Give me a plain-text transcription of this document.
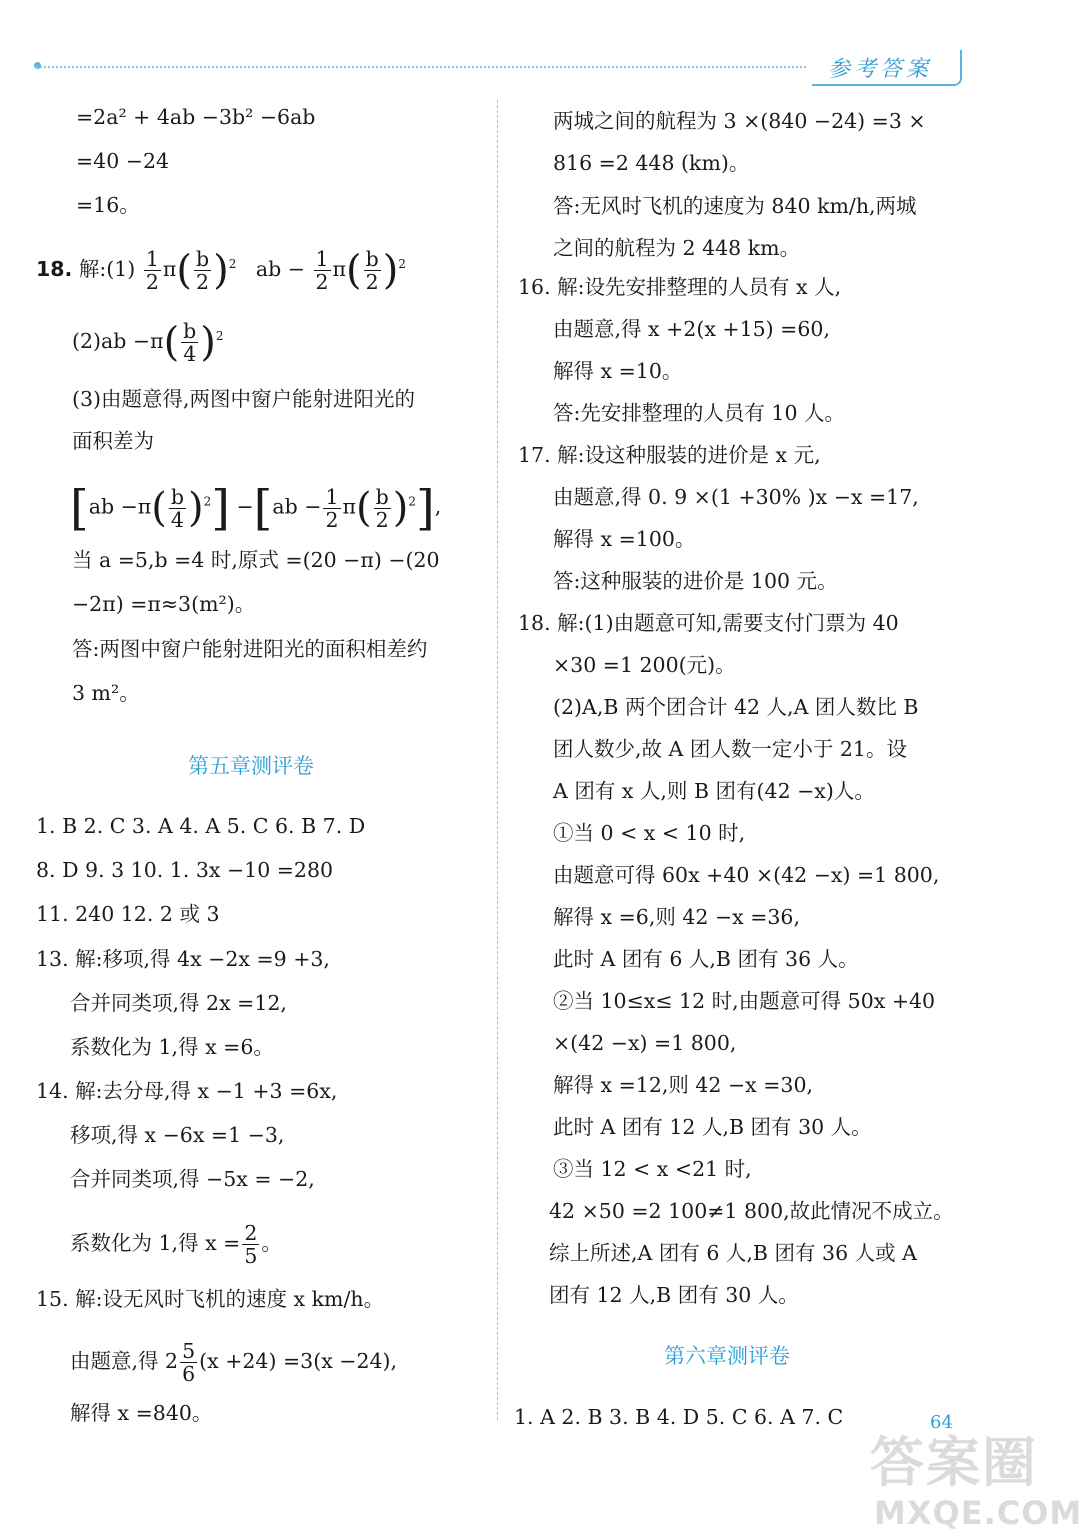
参考答案
=2a² + 4ab −3b² −6ab
=40 −24
=16。
18. 解:(1) $\frac{1}{2} \pi( \frac{b}{2} )^2$ ab − $\frac{1}{2} \pi( \frac{b}{2} )^2$
$(2)ab -\pi( \frac{b}{4} )^2$
(3)由题意得,两图中窗户能射进阳光的
面积差为
$[ab -\pi( \frac{b}{4} )^2] -[ab - \frac{1}{2} \pi( \frac{b}{2} )^2]$,
当 a =5,b =4 时,原式 =(20 −π) −(20
−2π) =π≈3(m²)。
答:两图中窗户能射进阳光的面积相差约
3 m²。
第五章测评卷
1. B 2. C 3. A 4. A 5. C 6. B 7. D
8. D 9. 3 10. 1. 3x −10 =280
11. 240 12. 2 或 3
13. 解:移项,得 4x −2x =9 +3,
合并同类项,得 2x =12,
系数化为 1,得 x =6。
14. 解:去分母,得 x −1 +3 =6x,
移项,得 x −6x =1 −3,
合并同类项,得 −5x = −2,
系数化为 1,得 $x = \frac{2}{5}$ 。
15. 解:设无风时飞机的速度 x km/h。
由题意,得 $2 \frac{5}{6} (x +24) =3(x -24)$,
解得 x =840。
两城之间的航程为 3 ×(840 −24) =3 ×
816 =2 448 (km)。
答:无风时飞机的速度为 840 km/h,两城
之间的航程为 2 448 km。
16. 解:设先安排整理的人员有 x 人,
由题意,得 x +2(x +15) =60,
解得 x =10。
答:先安排整理的人员有 10 人。
17. 解:设这种服装的进价是 x 元,
由题意,得 0. 9 ×(1 +30% )x −x =17,
解得 x =100。
答:这种服装的进价是 100 元。
18. 解:(1)由题意可知,需要支付门票为 40
×30 =1 200(元)。
(2)A,B 两个团合计 42 人,A 团人数比 B
团人数少,故 A 团人数一定小于 21。设
A 团有 x 人,则 B 团有(42 −x)人。
①当 0 < x < 10 时,
由题意可得 60x +40 ×(42 −x) =1 800,
解得 x =6,则 42 −x =36,
此时 A 团有 6 人,B 团有 36 人。
②当 10≤x≤ 12 时,由题意可得 50x +40
×(42 −x) =1 800,
解得 x =12,则 42 −x =30,
此时 A 团有 12 人,B 团有 30 人。
③当 12 < x <21 时,
42 ×50 =2 100≠1 800,故此情况不成立。
综上所述,A 团有 6 人,B 团有 36 人或 A
团有 12 人,B 团有 30 人。
第六章测评卷
1. A 2. B 3. B 4. D 5. C 6. A 7. C	64
答案圈
MXQE.COM
